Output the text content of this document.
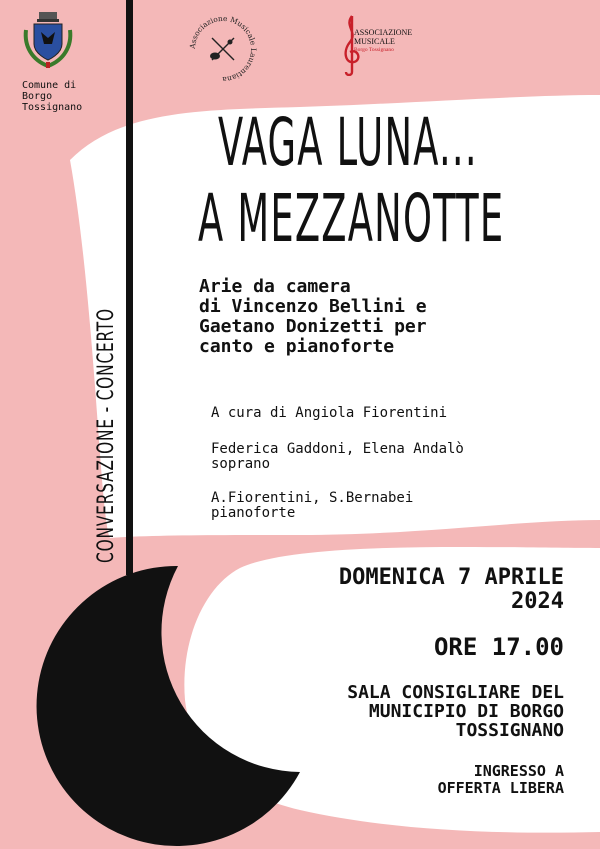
Comune di
Borgo
Tossignano
Associazione Musicale Laurentiana
ASSOCIAZIONE
MUSICALE
Borgo Tossignano
VAGA LUNA...
A MEZZANOTTE
Arie da camera
di Vincenzo Bellini e
Gaetano Donizetti per
canto e pianoforte
A cura di Angiola Fiorentini
Federica Gaddoni, Elena Andalò
soprano
A.Fiorentini, S.Bernabei
pianoforte
CONVERSAZIONE - CONCERTO
DOMENICA 7 APRILE
2024
ORE 17.00
SALA CONSIGLIARE DEL
MUNICIPIO DI BORGO
TOSSIGNANO
INGRESSO A
OFFERTA LIBERA
